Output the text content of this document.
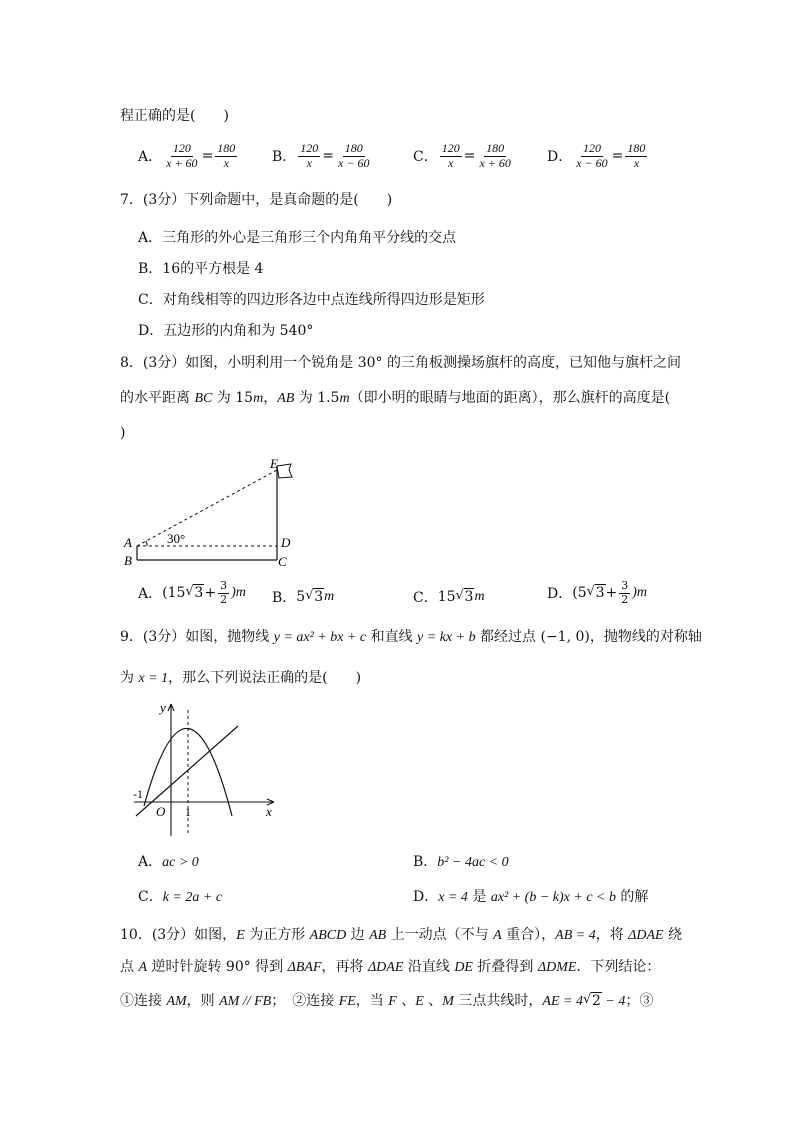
程正确的是(　　)
A． $\frac{120}{x + 60} = \frac{180}{x}$ B． $\frac{120}{x} = \frac{180}{x - 60}$	C． $\frac{120}{x} = \frac{180}{x + 60}$ D． $\frac{120}{x - 60} = \frac{180}{x}$
7．(3分）下列命题中，是真命题的是(　　)
A．三角形的外心是三角形三个内角角平分线的交点
B．16的平方根是 4
C．对角线相等的四边形各边中点连线所得四边形是矩形
D．五边形的内角和为 540°
8．(3分）如图，小明利用一个锐角是 30° 的三角板测操场旗杆的高度，已知他与旗杆之间
的水平距离 BC 为 15m，AB 为 1.5m（即小明的眼睛与地面的距离），那么旗杆的高度是(
)
E
A	D
B	C
30°
A． (15 √ $3 + \frac{3}{2} )m$ B． 5 √ 3 m	C． 15 √ 3 m	D． (5 √ $3 + \frac{3}{2} )m$
9．(3分）如图，抛物线 y = ax² + bx + c 和直线 y = kx + b 都经过点 (−1, 0)，抛物线的对称轴
为 x = 1，那么下列说法正确的是(　　)
y
x
O
-1
1
A．ac > 0	B．b² − 4ac < 0
C．k = 2a + c	D．x = 4 是 ax² + (b − k)x + c < b 的解
10．(3分）如图，E 为正方形 ABCD 边 AB 上一动点（不与 A 重合），AB = 4，将 ΔDAE 绕
点 A 逆时针旋转 90° 得到 ΔBAF，再将 ΔDAE 沿直线 DE 折叠得到 ΔDME．下列结论：
①连接 AM，则 AM // FB；　②连接 FE，当 F 、E 、M 三点共线时，AE = 4 √ 2 − 4；③
